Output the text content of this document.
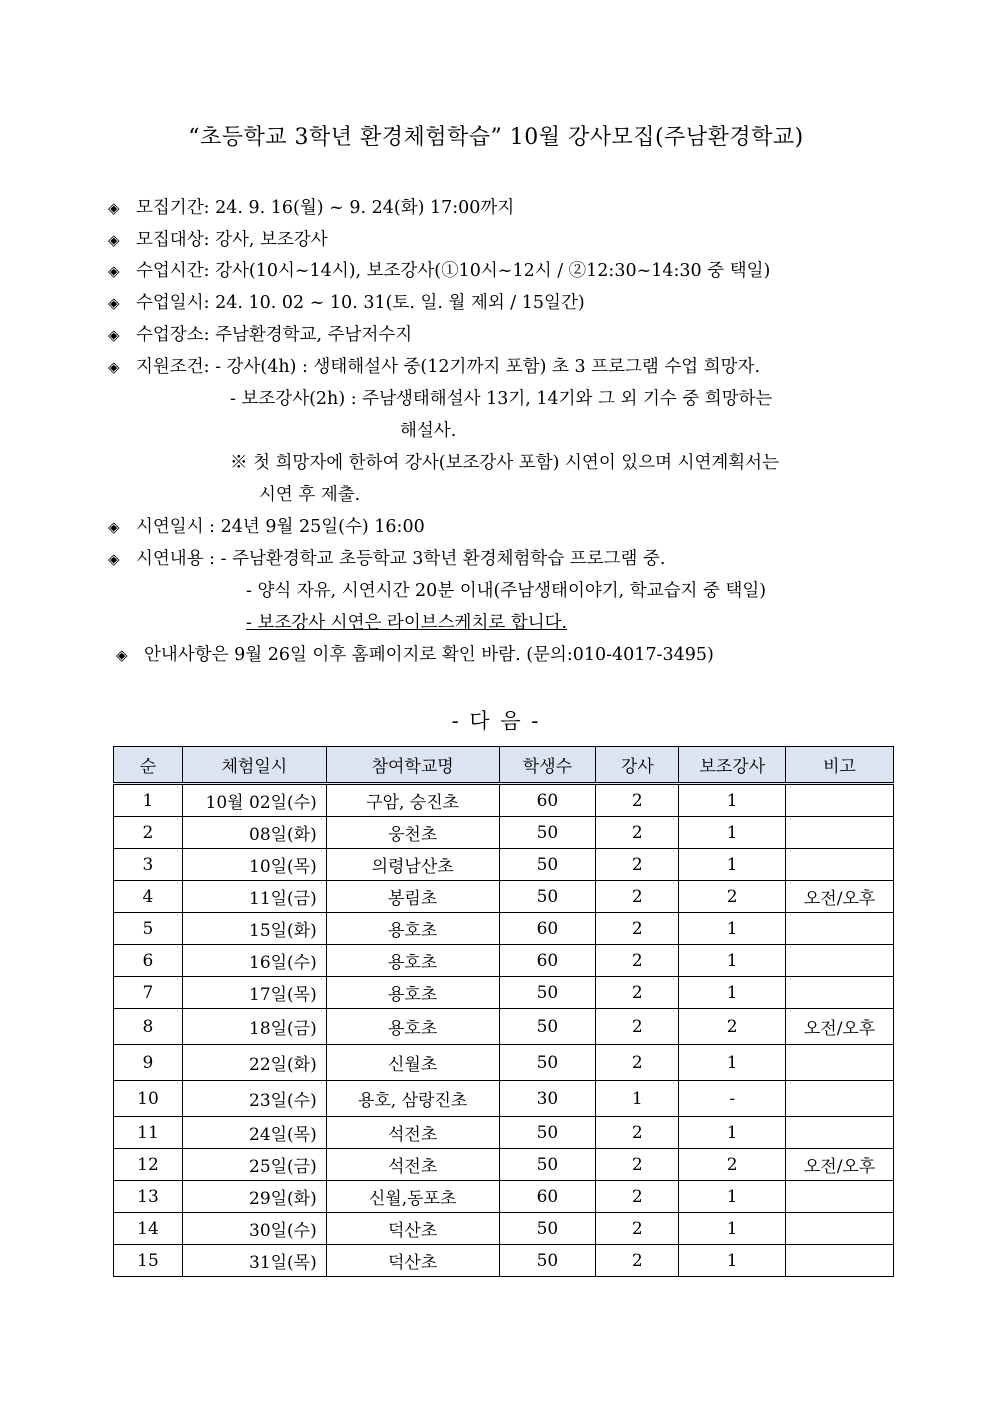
“초등학교 3학년 환경체험학습” 10월 강사모집(주남환경학교)
◈ 모집기간: 24. 9. 16(월) ~ 9. 24(화) 17:00까지
◈ 모집대상: 강사, 보조강사
◈ 수업시간: 강사(10시~14시), 보조강사(①10시~12시 / ②12:30~14:30 중 택일)
◈ 수업일시: 24. 10. 02 ~ 10. 31(토. 일. 월 제외 / 15일간)
◈ 수업장소: 주남환경학교, 주남저수지
◈ 지원조건: - 강사(4h) : 생태해설사 중(12기까지 포함) 초 3 프로그램 수업 희망자.
- 보조강사(2h) : 주남생태해설사 13기, 14기와 그 외 기수 중 희망하는
해설사.
※ 첫 희망자에 한하여 강사(보조강사 포함) 시연이 있으며 시연계획서는
시연 후 제출.
◈ 시연일시 : 24년 9월 25일(수) 16:00
◈ 시연내용 : - 주남환경학교 초등학교 3학년 환경체험학습 프로그램 중.
- 양식 자유, 시연시간 20분 이내(주남생태이야기, 학교습지 중 택일)
- 보조강사 시연은 라이브스케치로 합니다.
◈ 안내사항은 9월 26일 이후 홈페이지로 확인 바람. (문의:010-4017-3495)
- 다 음 -
순	체험일시	참여학교명	학생수	강사	보조강사	비고
1	10월 02일(수)	구암, 숭진초	60	2	1	
2	08일(화)	웅천초	50	2	1	
3	10일(목)	의령남산초	50	2	1	
4	11일(금)	봉림초	50	2	2	오전/오후
5	15일(화)	용호초	60	2	1	
6	16일(수)	용호초	60	2	1	
7	17일(목)	용호초	50	2	1	
8	18일(금)	용호초	50	2	2	오전/오후
9	22일(화)	신월초	50	2	1	
10	23일(수)	용호, 삼랑진초	30	1	-	
11	24일(목)	석전초	50	2	1	
12	25일(금)	석전초	50	2	2	오전/오후
13	29일(화)	신월,동포초	60	2	1	
14	30일(수)	덕산초	50	2	1	
15	31일(목)	덕산초	50	2	1	
